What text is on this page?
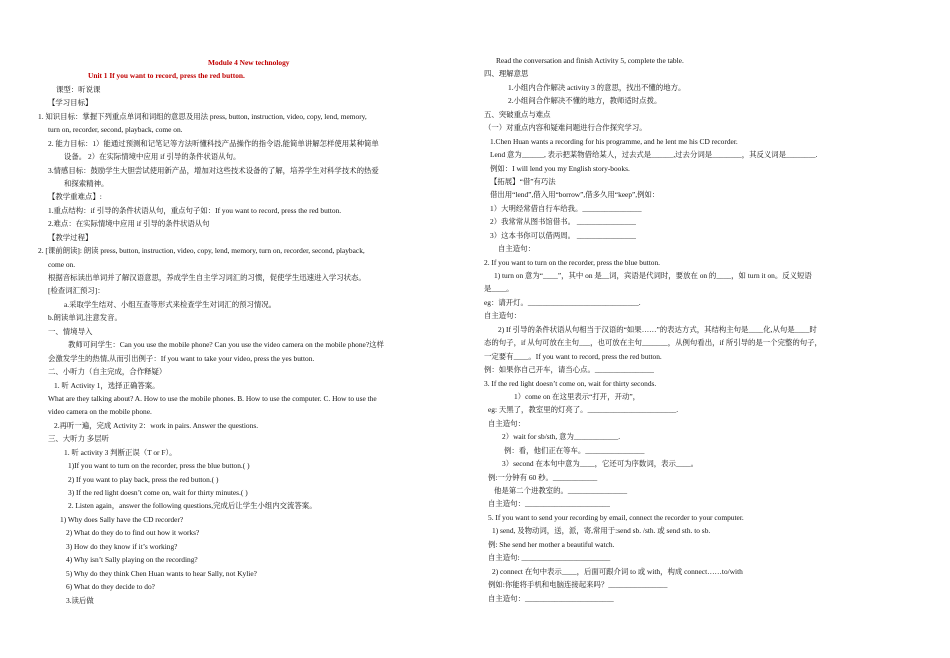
Module 4 New technology
Unit 1 If you want to record, press the red button.
课型：听说课
【学习目标】
1. 知识目标：掌握下列重点单词和词组的意思及用法 press, button, instruction, video, copy, lend, memory,
turn on, recorder, second, playback, come on.
2. 能力目标：1）能通过预测和记笔记等方法听懂科技产品操作的指令语,能简单讲解怎样使用某种简单
设备。 2）在实际情境中应用 if 引导的条件状语从句。
3.情感目标：鼓励学生大胆尝试使用新产品，增加对这些技术设备的了解，培养学生对科学技术的热爱
和探索精神。
【教学重难点】:
1.重点结构：if 引导的条件状语从句，重点句子如：If you want to record, press the red button.
2.难点：在实际情境中应用 if 引导的条件状语从句
【教学过程】
2. [课前朗读]: 朗读 press, button, instruction, video, copy, lend, memory, turn on, recorder, second, playback,
come on.
根据音标读出单词并了解汉语意思，养成学生自主学习词汇的习惯，促使学生迅速进入学习状态。
[检查词汇预习]：
a.采取学生结对、小组互查等形式来检查学生对词汇的预习情况。
b.朗读单词,注意发音。
一、情境导入
教师可问学生：Can you use the mobile phone? Can you use the video camera on the mobile phone?这样
会激发学生的热情,从而引出例子：If you want to take your video, press the yes button.
二、小听力（自主完成，合作释疑）
1. 听 Activity 1，选择正确答案。
What are they talking about? A. How to use the mobile phones. B. How to use the computer. C. How to use the
video camera on the mobile phone.
2.再听一遍，完成 Activity 2：work in pairs. Answer the questions.
三、大听力 多层听
1. 听 activity 3 判断正误（T or F）。
1)If you want to turn on the recorder, press the blue button.( )
2) If you want to play back, press the red button.( )
3) If the red light doesn’t come on, wait for thirty minutes.( )
2. Listen again，answer the following questions,完成后让学生小组内交流答案。
1) Why does Sally have the CD recorder?
2) What do they do to find out how it works?
3) How do they know if it’s working?
4) Why isn’t Sally playing on the recording?
5) Why do they think Chen Huan wants to hear Sally, not Kylie?
6) What do they decide to do?
3.读后做
Read the conversation and finish Activity 5, complete the table.
四、理解意思
1.小组内合作解决 activity 3 的意思，找出不懂的地方。
2.小组间合作解决不懂的地方，教师适时点拨。
五、突破重点与难点
（一）对重点内容和疑难问题进行合作探究学习。
1.Chen Huan wants a recording for his programme, and he lent me his CD recorder.
Lend 意为______, 表示把某物借给某人，过去式是______,过去分词是________，其反义词是________.
例如：I will lend you my English story-books.
【拓展】“借”有巧法
借出用“lend”,借入用“borrow”,借多久用“keep”,例如：
1）大明经常借自行车给我。________________
2）我常常从图书馆借书。 ________________
3）这本书你可以借两周。 ________________
自主造句：
2. If you want to turn on the recorder, press the blue button.
1) turn on 意为“____”，其中 on 是__词，宾语是代词时，要放在 on 的____，如 turn it on。反义短语
是____。
eg：请开灯。______________________________.
自主造句：
2) If 引导的条件状语从句相当于汉语的“如果……”的表达方式，其结构主句是____化,从句是____时
态的句子，if 从句可放在主句___，也可放在主句_______，从例句看出，if 所引导的是一个完整的句子，
一定要有____。If you want to record, press the red button.
例：如果你自己开车，请当心点。________________
3. If the red light doesn’t come on, wait for thirty seconds.
1）come on 在这里表示“打开，开动”，
eg: 天黑了，教室里的灯亮了。________________________.
自主造句：
2）wait for sb/sth, 意为____________.
例：看，他们正在等车。________________
3）second 在本句中意为____，它还可为序数词，表示____。
例:一分钟有 60 秒。____________
他是第二个进教室的。________________
自主造句：_______________________
5. If you want to send your recording by email, connect the recorder to your computer.
1) send, 及物动词，送，派，寄,常用于:send sb. /sth. 或 send sth. to sb.
例: She send her mother a beautiful watch.
自主造句: ________________________
2) connect 在句中表示____，后面可跟介词 to 或 with，构成 connect……to/with
例如:你能将手机和电脑连接起来吗？________________
自主造句：________________________
